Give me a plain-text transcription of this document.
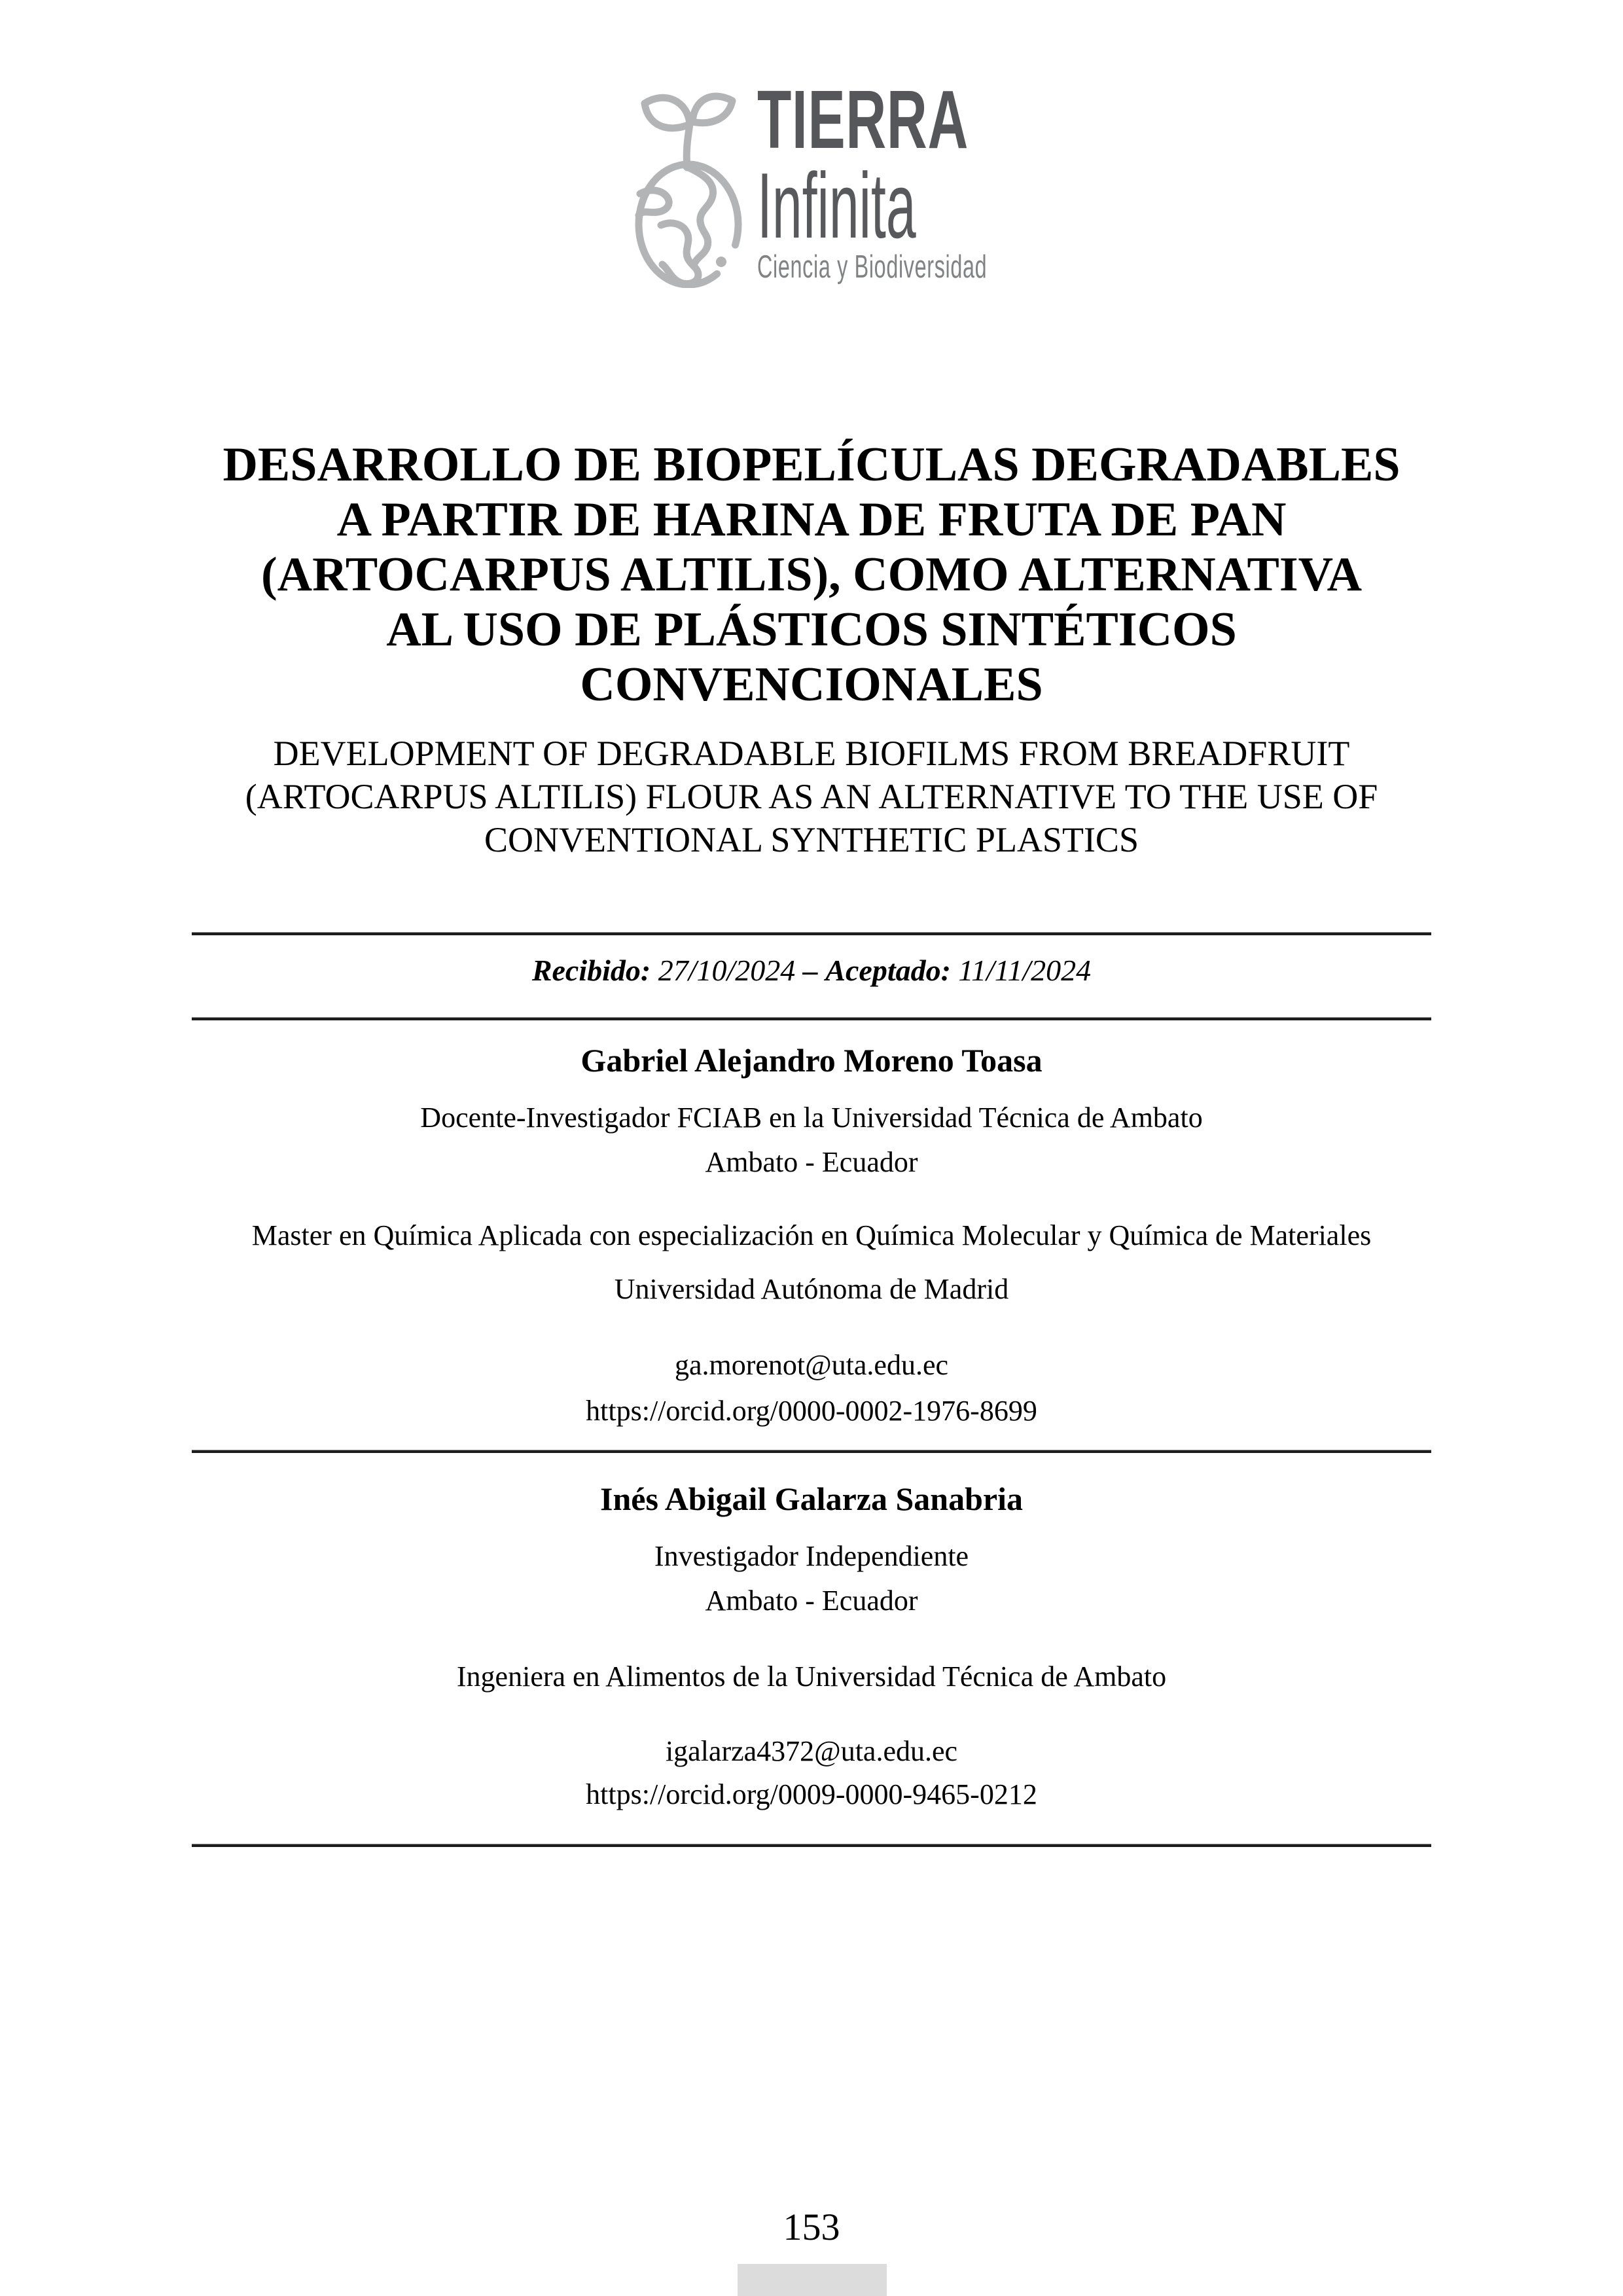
TIERRA
Infinita
Ciencia y Biodiversidad
DESARROLLO DE BIOPELÍCULAS DEGRADABLES
A PARTIR DE HARINA DE FRUTA DE PAN
(ARTOCARPUS ALTILIS), COMO ALTERNATIVA
AL USO DE PLÁSTICOS SINTÉTICOS
CONVENCIONALES
DEVELOPMENT OF DEGRADABLE BIOFILMS FROM BREADFRUIT
(ARTOCARPUS ALTILIS) FLOUR AS AN ALTERNATIVE TO THE USE OF
CONVENTIONAL SYNTHETIC PLASTICS
Recibido: 27/10/2024 – Aceptado: 11/11/2024
Gabriel Alejandro Moreno Toasa
Docente-Investigador FCIAB en la Universidad Técnica de Ambato
Ambato - Ecuador
Master en Química Aplicada con especialización en Química Molecular y Química de Materiales
Universidad Autónoma de Madrid
ga.morenot@uta.edu.ec
https://orcid.org/0000-0002-1976-8699
Inés Abigail Galarza Sanabria
Investigador Independiente
Ambato - Ecuador
Ingeniera en Alimentos de la Universidad Técnica de Ambato
igalarza4372@uta.edu.ec
https://orcid.org/0009-0000-9465-0212
153
